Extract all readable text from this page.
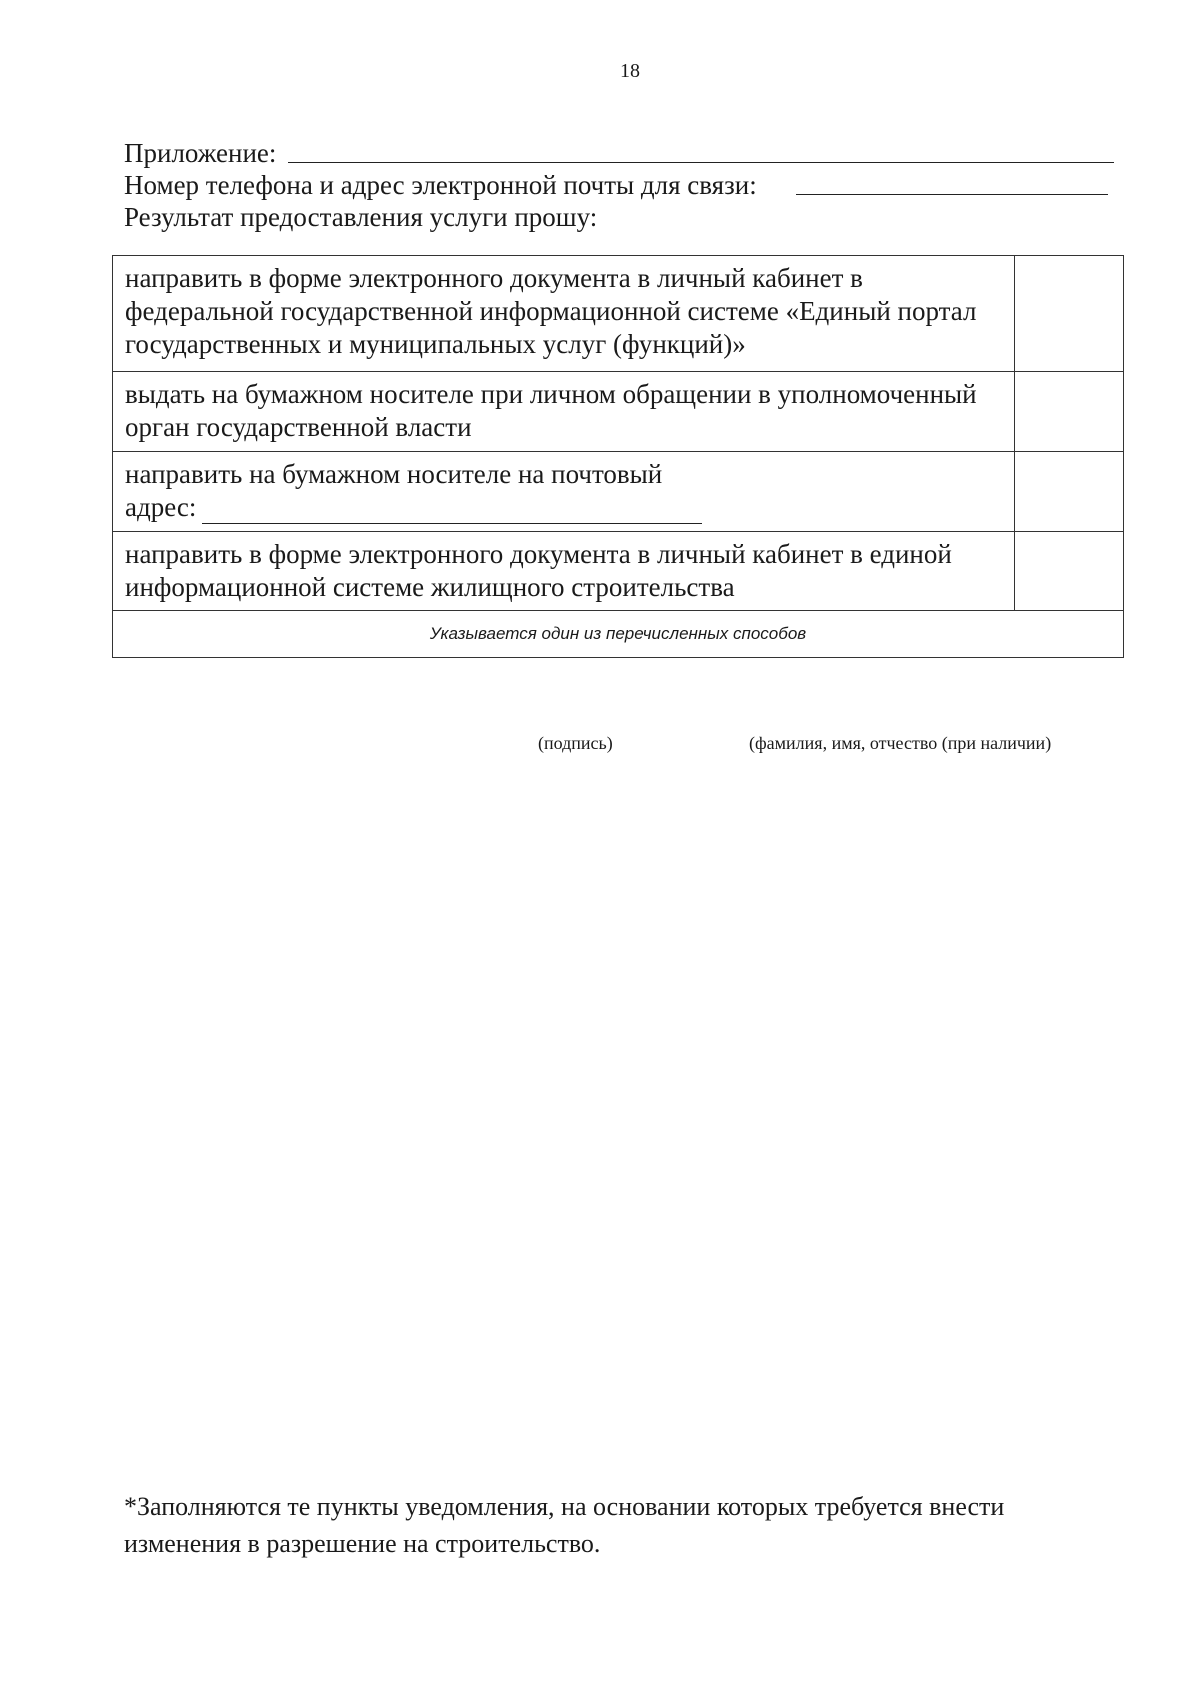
18
Приложение:
Номер телефона и адрес электронной почты для связи:
Результат предоставления услуги прошу:
направить в форме электронного документа в личный кабинет в федеральной государственной информационной системе «Единый портал государственных и муниципальных услуг (функций)»	
выдать на бумажном носителе при личном обращении в уполномоченный орган государственной власти	

направить на бумажном носителе на почтовый
адрес:	

направить в форме электронного документа в личный кабинет в единой информационной системе жилищного строительства	
Указывается один из перечисленных способов	
(подпись)	(фамилия, имя, отчество (при наличии)
*Заполняются те пункты уведомления, на основании которых требуется внести изменения в разрешение на строительство.
